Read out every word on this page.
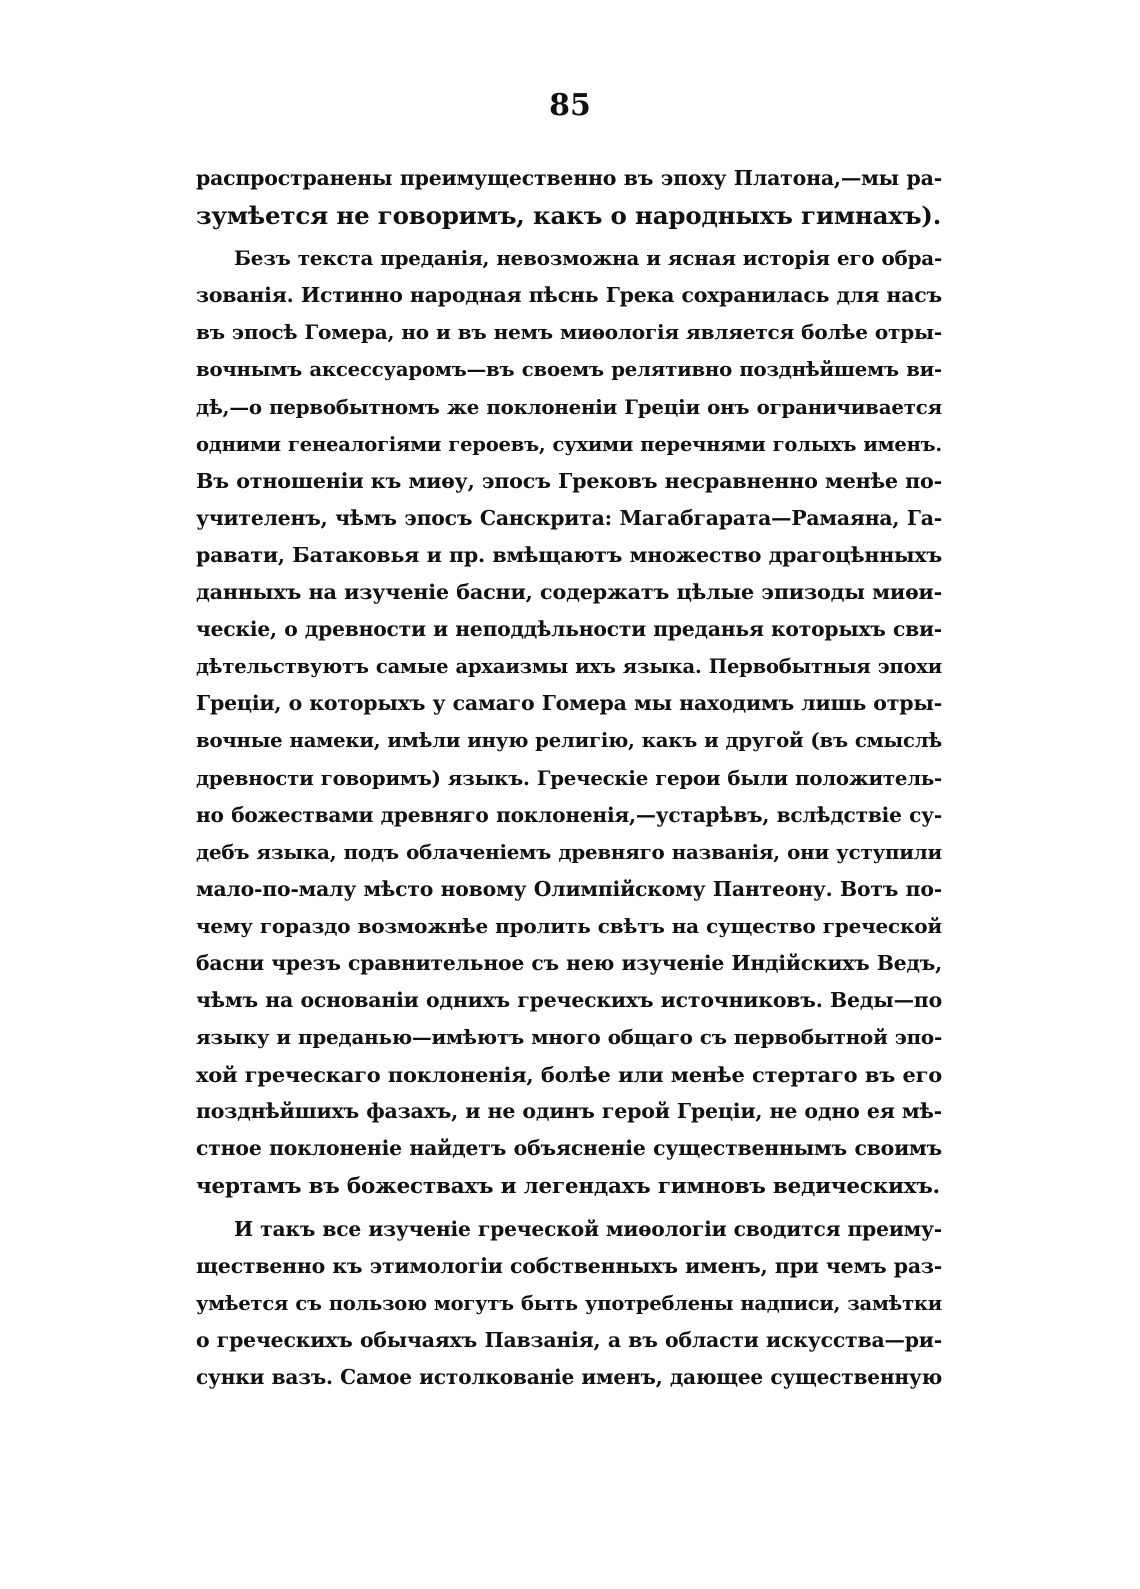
85
распространены преимущественно въ эпоху Платона,—мы ра-
зумѣется не говоримъ, какъ о народныхъ гимнахъ).
Безъ текста преданія, невозможна и ясная исторія его обра-
зованія. Истинно народная пѣснь Грека сохранилась для насъ
въ эпосѣ Гомера, но и въ немъ миѳологія является болѣе отры-
вочнымъ аксессуаромъ—въ своемъ релятивно позднѣйшемъ ви-
дѣ,—о первобытномъ же поклоненіи Греціи онъ ограничивается
одними генеалогіями героевъ, сухими перечнями голыхъ именъ.
Въ отношеніи къ миѳу, эпосъ Грековъ несравненно менѣе по-
учителенъ, чѣмъ эпосъ Санскрита: Магабгарата—Рамаяна, Га-
равати, Батаковья и пр. вмѣщаютъ множество драгоцѣнныхъ
данныхъ на изученіе басни, содержатъ цѣлые эпизоды миѳи-
ческіе, о древности и неподдѣльности преданья которыхъ сви-
дѣтельствуютъ самые архаизмы ихъ языка. Первобытныя эпохи
Греціи, о которыхъ у самаго Гомера мы находимъ лишь отры-
вочные намеки, имѣли иную религію, какъ и другой (въ смыслѣ
древности говоримъ) языкъ. Греческіе герои были положитель-
но божествами древняго поклоненія,—устарѣвъ, вслѣдствіе су-
дебъ языка, подъ облаченіемъ древняго названія, они уступили
мало-по-малу мѣсто новому Олимпійскому Пантеону. Вотъ по-
чему гораздо возможнѣе пролить свѣтъ на существо греческой
басни чрезъ сравнительное съ нею изученіе Индійскихъ Ведъ,
чѣмъ на основаніи однихъ греческихъ источниковъ. Веды—по
языку и преданью—имѣютъ много общаго съ первобытной эпо-
хой греческаго поклоненія, болѣе или менѣе стертаго въ его
позднѣйшихъ фазахъ, и не одинъ герой Греціи, не одно ея мѣ-
стное поклоненіе найдетъ объясненіе существеннымъ своимъ
чертамъ въ божествахъ и легендахъ гимновъ ведическихъ.
И такъ все изученіе греческой миѳологіи сводится преиму-
щественно къ этимологіи собственныхъ именъ, при чемъ раз-
умѣется съ пользою могутъ быть употреблены надписи, замѣтки
о греческихъ обычаяхъ Павзанія, а въ области искусства—ри-
сунки вазъ. Самое истолкованіе именъ, дающее существенную
